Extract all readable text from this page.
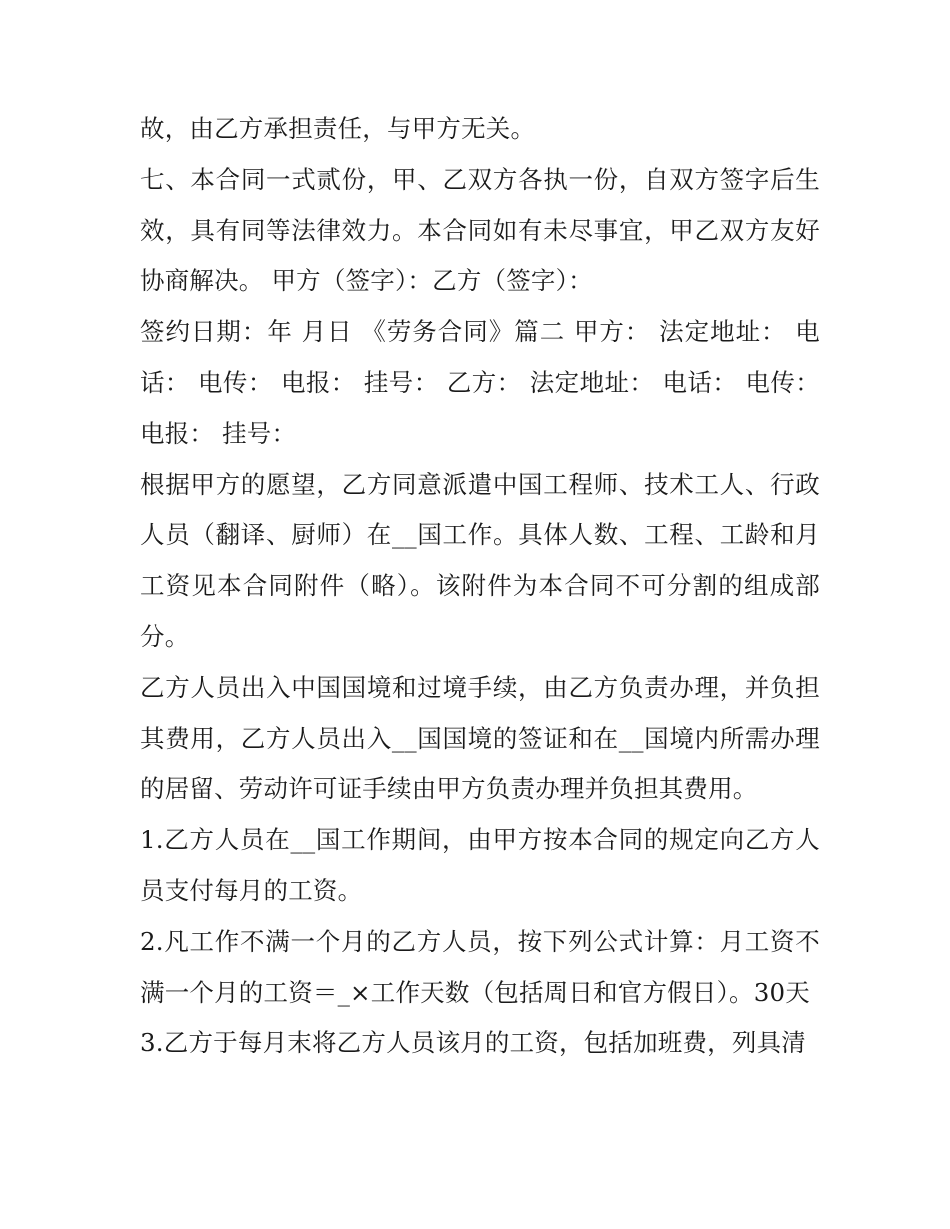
故，由乙方承担责任，与甲方无关。

七、本合同一式贰份，甲、乙双方各执一份，自双方签字后生效，具有同等法律效力。本合同如有未尽事宜，甲乙双方友好协商解决。 甲方（签字）：乙方（签字）：

签约日期：年 月日 《劳务合同》篇二 甲方： 法定地址： 电话： 电传： 电报： 挂号： 乙方： 法定地址： 电话： 电传： 电报： 挂号：

根据甲方的愿望，乙方同意派遣中国工程师、技术工人、行政人员（翻译、厨师）在__国工作。具体人数、工程、工龄和月工资见本合同附件（略）。该附件为本合同不可分割的组成部分。

乙方人员出入中国国境和过境手续，由乙方负责办理，并负担其费用，乙方人员出入__国国境的签证和在__国境内所需办理的居留、劳动许可证手续由甲方负责办理并负担其费用。

1.乙方人员在__国工作期间，由甲方按本合同的规定向乙方人员支付每月的工资。

2.凡工作不满一个月的乙方人员，按下列公式计算：月工资不满一个月的工资＝_×工作天数（包括周日和官方假日）。30天

3.乙方于每月末将乙方人员该月的工资，包括加班费，列具清
